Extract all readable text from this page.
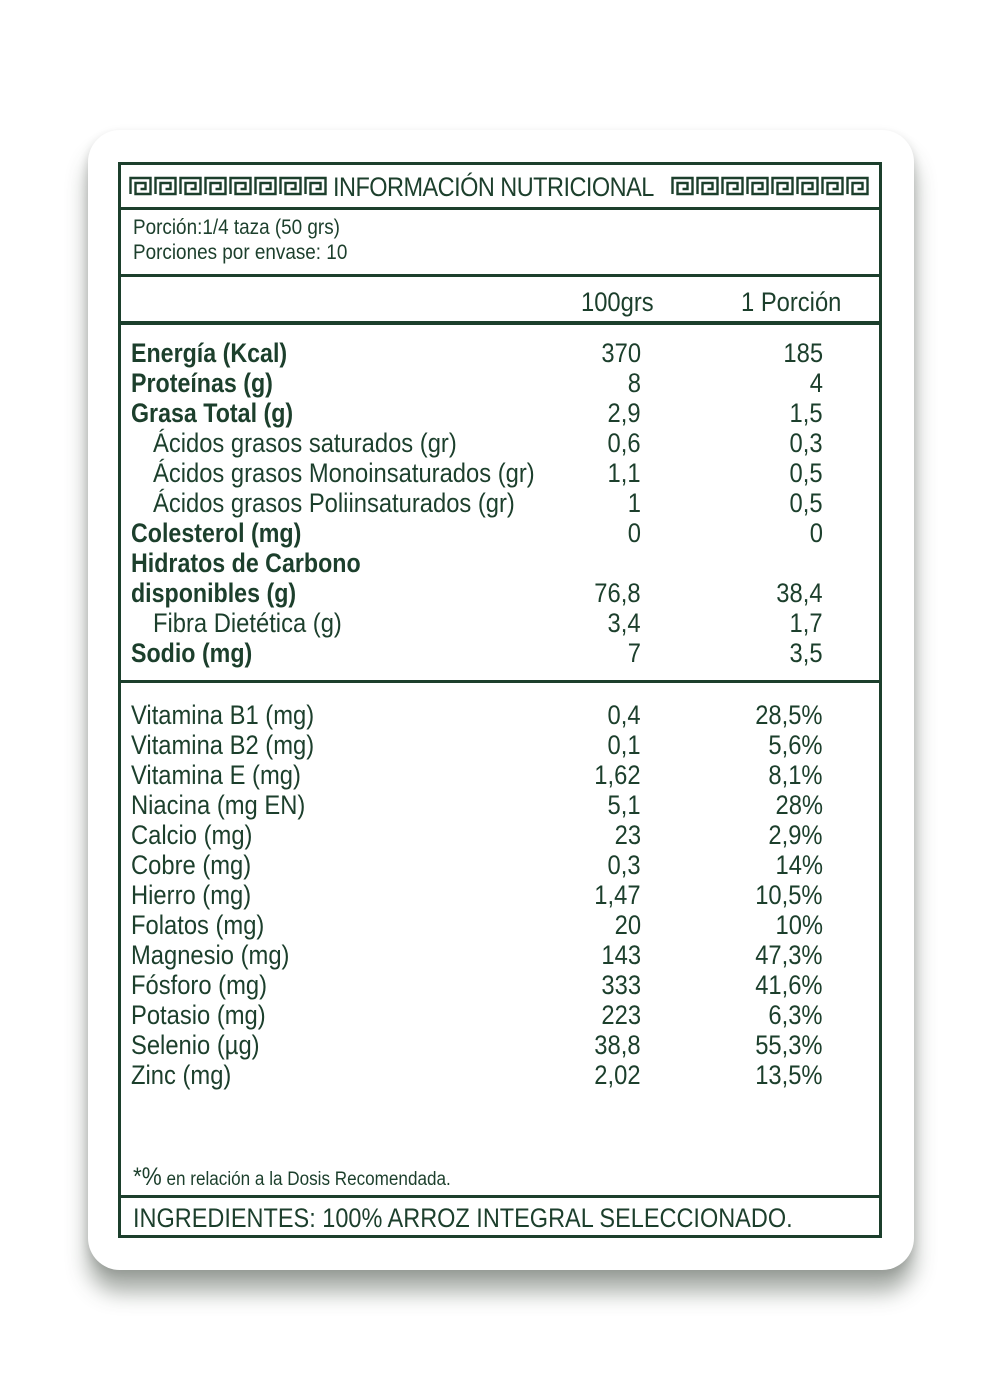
INFORMACIÓN NUTRICIONAL
Porción:1/4 taza (50 grs)
Porciones por envase: 10
100grs	1 Porción
Energía (Kcal)	370	185
Proteínas (g)	8	4
Grasa Total (g)	2,9	1,5
Ácidos grasos saturados (gr)	0,6	0,3
Ácidos grasos Monoinsaturados (gr)	1,1	0,5
Ácidos grasos Poliinsaturados (gr)	1	0,5
Colesterol (mg)	0	0
Hidratos de Carbono
disponibles (g)	76,8	38,4
Fibra Dietética (g)	3,4	1,7
Sodio (mg)	7	3,5
Vitamina B1 (mg)	0,4	28,5%
Vitamina B2 (mg)	0,1	5,6%
Vitamina E (mg)	1,62	8,1%
Niacina (mg EN)	5,1	28%
Calcio (mg)	23	2,9%
Cobre (mg)	0,3	14%
Hierro (mg)	1,47	10,5%
Folatos (mg)	20	10%
Magnesio (mg)	143	47,3%
Fósforo (mg)	333	41,6%
Potasio (mg)	223	6,3%
Selenio (µg)	38,8	55,3%
Zinc (mg)	2,02	13,5%
*% en relación a la Dosis Recomendada.
INGREDIENTES: 100% ARROZ INTEGRAL SELECCIONADO.
